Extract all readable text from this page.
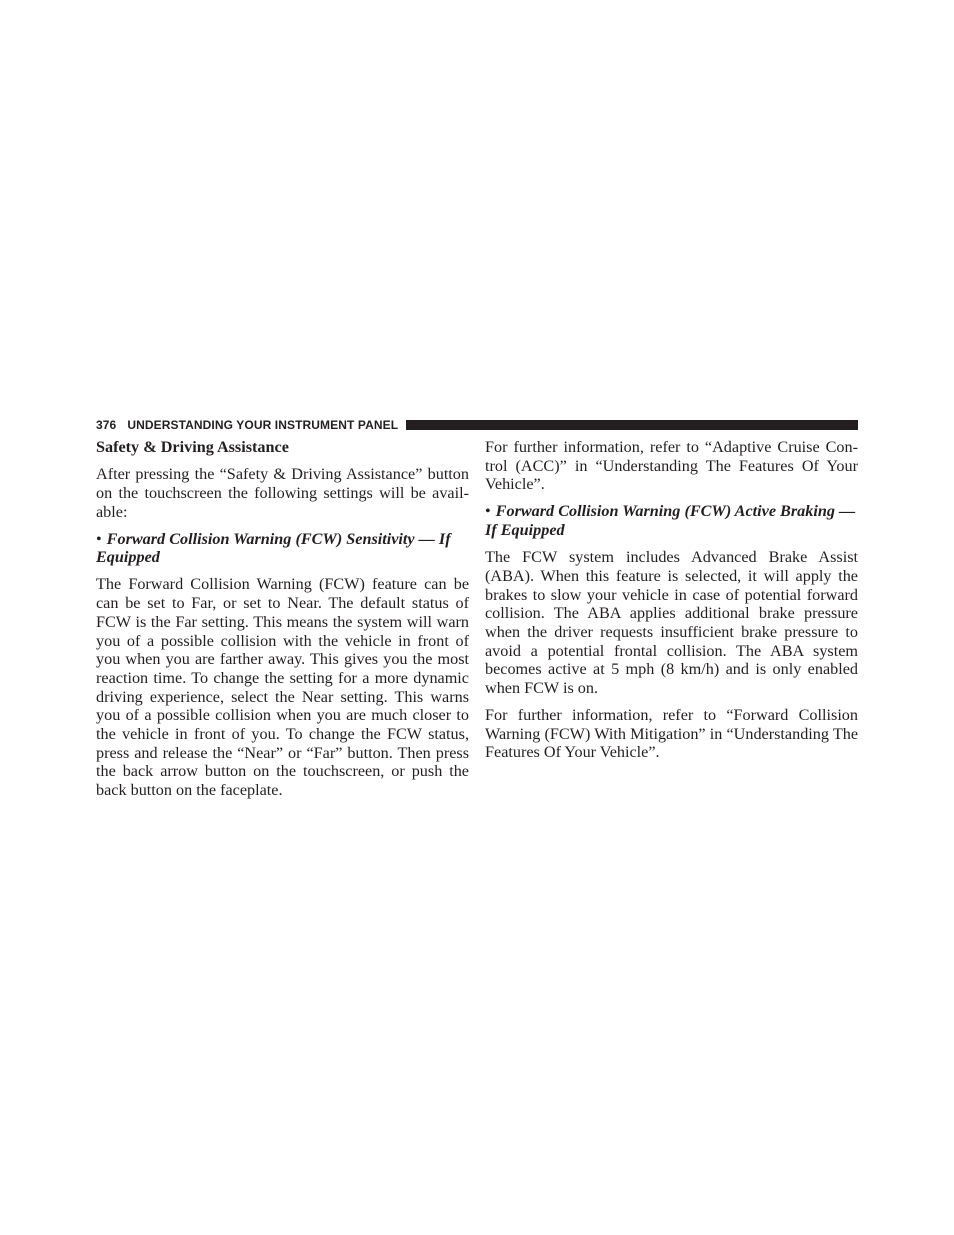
376 UNDERSTANDING YOUR INSTRUMENT PANEL

Safety & Driving Assistance

After pressing the “Safety & Driving Assistance” button on the touchscreen the following settings will be avail-able:

• Forward Collision Warning (FCW) Sensitivity — If Equipped

The Forward Collision Warning (FCW) feature can be can be set to Far, or set to Near. The default status of FCW is the Far setting. This means the system will warn you of a possible collision with the vehicle in front of you when you are farther away. This gives you the most reaction time. To change the setting for a more dynamic driving experience, select the Near setting. This warns you of a possible collision when you are much closer to the vehicle in front of you. To change the FCW status, press and release the “Near” or “Far” button. Then press the back arrow button on the touchscreen, or push the back button on the faceplate.

For further information, refer to “Adaptive Cruise Con-trol (ACC)” in “Understanding The Features Of Your Vehicle”.

• Forward Collision Warning (FCW) Active Braking — If Equipped

The FCW system includes Advanced Brake Assist (ABA). When this feature is selected, it will apply the brakes to slow your vehicle in case of potential forward collision. The ABA applies additional brake pressure when the driver requests insufficient brake pressure to avoid a potential frontal collision. The ABA system becomes active at 5 mph (8 km/h) and is only enabled when FCW is on.

For further information, refer to “Forward Collision Warning (FCW) With Mitigation” in “Understanding The Features Of Your Vehicle”.
